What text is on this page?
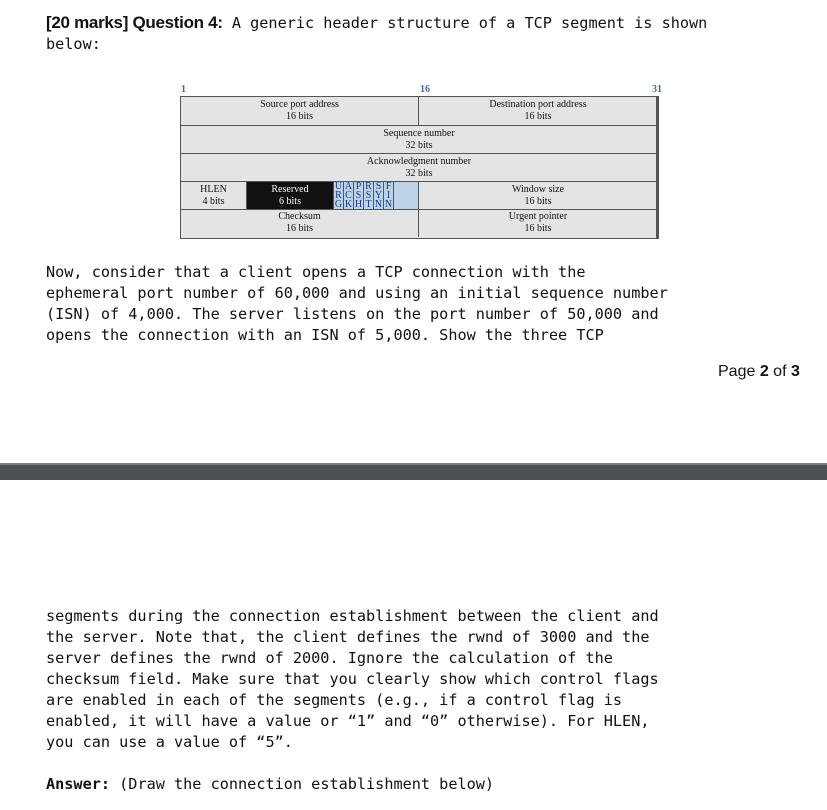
[20 marks] Question 4: A generic header structure of a TCP segment is shown
below:
1	16	31
Source port address
16 bits
Destination port address
16 bits
Sequence number
32 bits
Acknowledgment number
32 bits
HLEN
4 bits
Reserved
6 bits
U
R
G
A
C
K
P
S
H
R
S
T
S
Y
N
F
I
N
Window size
16 bits
Checksum
16 bits
Urgent pointer
16 bits
Now, consider that a client opens a TCP connection with the
ephemeral port number of 60,000 and using an initial sequence number
(ISN) of 4,000. The server listens on the port number of 50,000 and
opens the connection with an ISN of 5,000. Show the three TCP
Page 2 of 3
segments during the connection establishment between the client and
the server. Note that, the client defines the rwnd of 3000 and the
server defines the rwnd of 2000. Ignore the calculation of the
checksum field. Make sure that you clearly show which control flags
are enabled in each of the segments (e.g., if a control flag is
enabled, it will have a value or “1” and “0” otherwise). For HLEN,
you can use a value of “5”.
Answer: (Draw the connection establishment below)
